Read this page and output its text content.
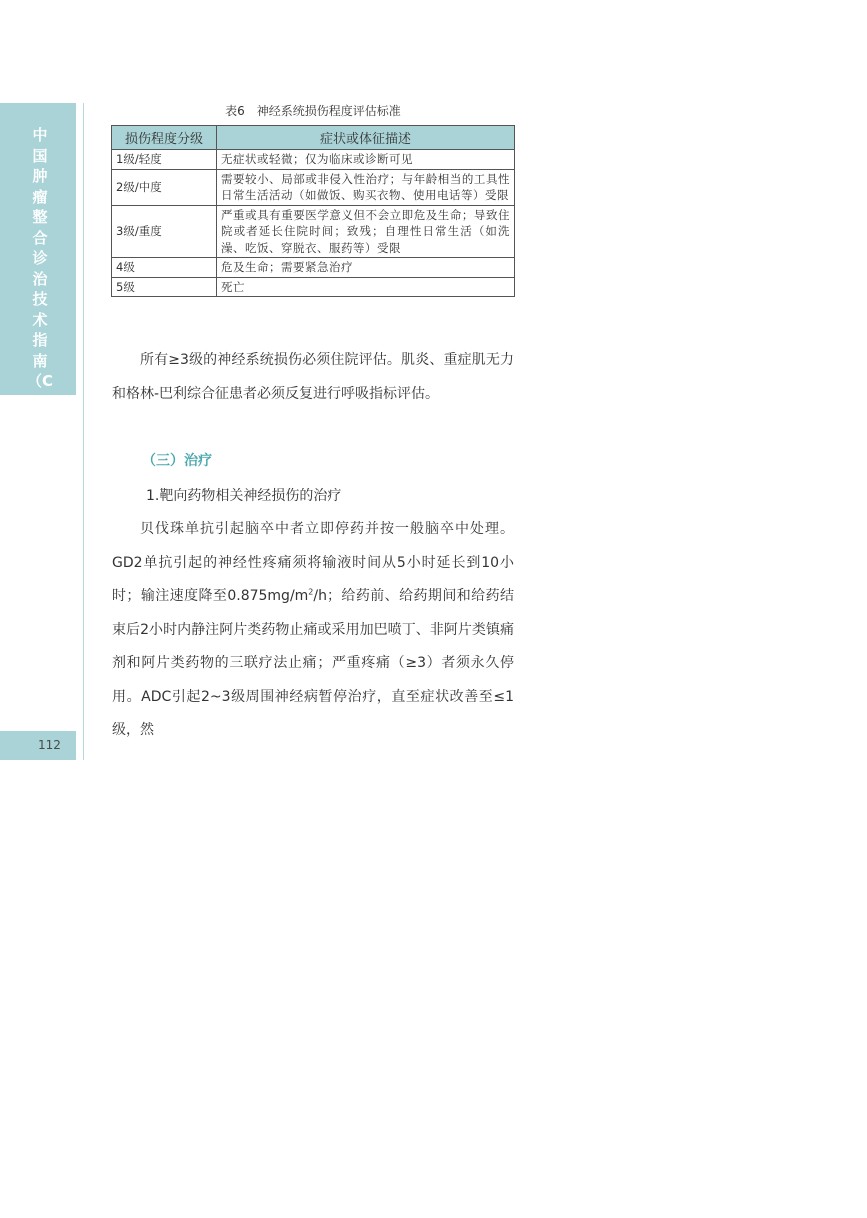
中国肿瘤整合诊治技术指南（CACA）
112
表6　神经系统损伤程度评估标准
损伤程度分级	症状或体征描述
1级/轻度	无症状或轻微；仅为临床或诊断可见
2级/中度	需要较小、局部或非侵入性治疗；与年龄相当的工具性日常生活活动（如做饭、购买衣物、使用电话等）受限
3级/重度	严重或具有重要医学意义但不会立即危及生命；导致住院或者延长住院时间；致残；自理性日常生活（如洗澡、吃饭、穿脱衣、服药等）受限
4级	危及生命；需要紧急治疗
5级	死亡
所有≥3级的神经系统损伤必须住院评估。肌炎、重症肌无力和格林-巴利综合征患者必须反复进行呼吸指标评估。
（三）治疗
1.靶向药物相关神经损伤的治疗
贝伐珠单抗引起脑卒中者立即停药并按一般脑卒中处理。GD2单抗引起的神经性疼痛须将输液时间从5小时延长到10小时；输注速度降至$0.875mg/m^2/h$；给药前、给药期间和给药结束后2小时内静注阿片类药物止痛或采用加巴喷丁、非阿片类镇痛剂和阿片类药物的三联疗法止痛；严重疼痛（≥3）者须永久停用。ADC引起2~3级周围神经病暂停治疗，直至症状改善至≤1级，然
